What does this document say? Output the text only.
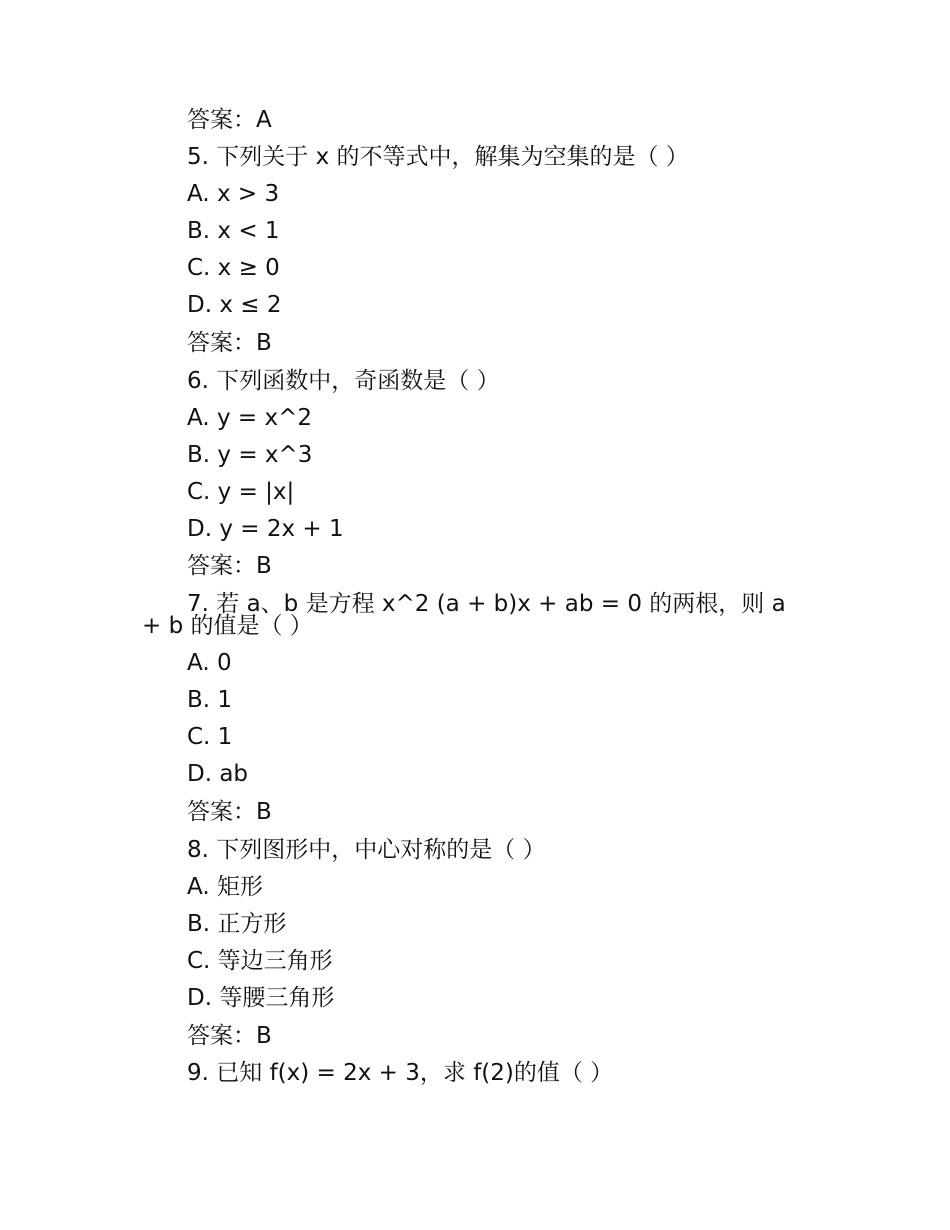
答案：A
5. 下列关于 x 的不等式中，解集为空集的是（ ）
A. x > 3
B. x < 1
C. x ≥ 0
D. x ≤ 2
答案：B
6. 下列函数中，奇函数是（ ）
A. y = x^2
B. y = x^3
C. y = |x|
D. y = 2x + 1
答案：B
7. 若 a、b 是方程 x^2 (a + b)x + ab = 0 的两根，则 a
+ b 的值是（ ）
A. 0
B. 1
C. 1
D. ab
答案：B
8. 下列图形中，中心对称的是（ ）
A. 矩形
B. 正方形
C. 等边三角形
D. 等腰三角形
答案：B
9. 已知 f(x) = 2x + 3，求 f(2)的值（ ）
